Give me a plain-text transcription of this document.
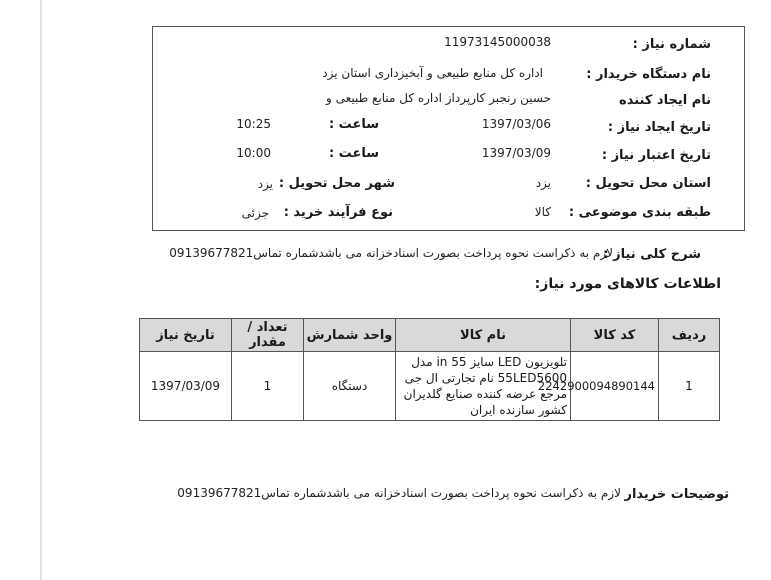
شماره نیاز :
11973145000038
نام دستگاه خریدار :
اداره کل منابع طبیعی و آبخیزداری استان یزد
نام ایجاد کننده
حسین رنجبر کارپرداز اداره کل منابع طبیعی و
تاریخ ایجاد نیاز :
1397/03/06
ساعت :
10:25
تاریخ اعتبار نیاز :
1397/03/09
ساعت :
10:00
استان محل تحویل :
یزد
شهر محل تحویل :
یزد
طبقه بندی موضوعی :
کالا
نوع فرآیند خرید :
جزئی
شرح کلی نیاز :
لازم به ذکراست نحوه پرداخت بصورت اسنادخزانه می باشدشماره تماس09139677821
اطلاعات کالاهای مورد نیاز:
ردیف	کد کالا	نام کالا	واحد شمارش	تعداد / مقدار	تاریخ نیاز
1	2242900094890144	تلویزیون LED سایز 55 in مدل 55LED5600 نام تجارتی ال جی مرجع عرضه کننده صنایع گلدیران کشور سازنده ایران	دستگاه	1	1397/03/09
توضیحات خریدار
لازم به ذکراست نحوه پرداخت بصورت اسنادخزانه می باشدشماره تماس09139677821
